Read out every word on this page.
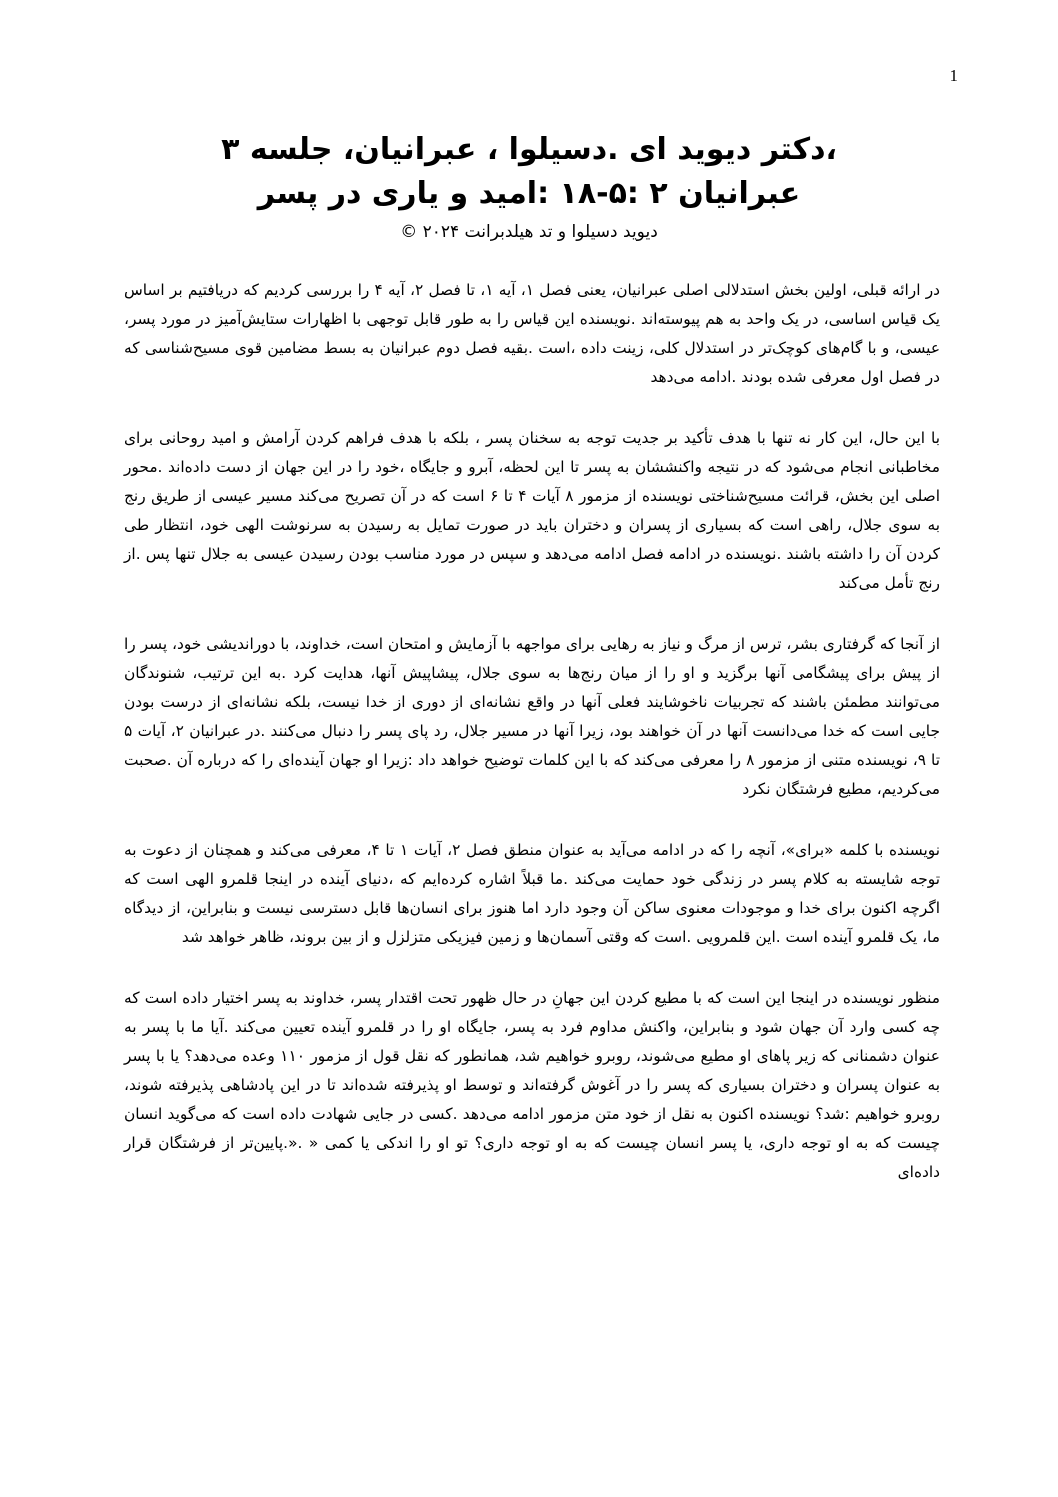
1

،دکتر دیوید ای .دسیلوا ، عبرانیان، جلسه ۳

عبرانیان ۲ :۵-۱۸ :امید و یاری در پسر

دیوید دسیلوا و تد هیلدبرانت ۲۰۲۴ ©

در ارائه قبلی، اولین بخش استدلالی اصلی عبرانیان، یعنی فصل ۱، آیه ۱، تا فصل ۲، آیه ۴ را بررسی کردیم که دریافتیم بر اساس یک قیاس اساسی، در یک واحد به هم پیوسته‌اند .نویسنده این قیاس را به طور قابل توجهی با اظهارات ستایش‌آمیز در مورد پسر، عیسی، و با گام‌های کوچک‌تر در استدلال کلی، زینت داده ،است .بقیه فصل دوم عبرانیان به بسط مضامین قوی مسیح‌شناسی که در فصل اول معرفی شده بودند .ادامه می‌دهد

با این حال، این کار نه تنها با هدف تأکید بر جدیت توجه به سخنان پسر ، بلکه با هدف فراهم کردن آرامش و امید روحانی برای مخاطبانی انجام می‌شود که در نتیجه واکنششان به پسر تا این لحظه، آبرو و جایگاه ،خود را در این جهان از دست داده‌اند .محور اصلی این بخش، قرائت مسیح‌شناختی نویسنده از مزمور ۸ آیات ۴ تا ۶ است که در آن تصریح می‌کند مسیر عیسی از طریق رنج به سوی جلال، راهی است که بسیاری از پسران و دختران باید در صورت تمایل به رسیدن به سرنوشت الهی خود، انتظار طی کردن آن را داشته باشند .نویسنده در ادامه فصل ادامه می‌دهد و سپس در مورد مناسب بودن رسیدن عیسی به جلال تنها پس .از رنج تأمل می‌کند

از آنجا که گرفتاری بشر، ترس از مرگ و نیاز به رهایی برای مواجهه با آزمایش و امتحان است، خداوند، با دوراندیشی خود، پسر را از پیش برای پیشگامی آنها برگزید و او را از میان رنج‌ها به سوی جلال، پیشاپیش آنها، هدایت کرد .به این ترتیب، شنوندگان می‌توانند مطمئن باشند که تجربیات ناخوشایند فعلی آنها در واقع نشانه‌ای از دوری از خدا نیست، بلکه نشانه‌ای از درست بودن جایی است که خدا می‌دانست آنها در آن خواهند بود، زیرا آنها در مسیر جلال، رد پای پسر را دنبال می‌کنند .در عبرانیان ۲، آیات ۵ تا ۹، نویسنده متنی از مزمور ۸ را معرفی می‌کند که با این کلمات توضیح خواهد داد :زیرا او جهان آینده‌ای را که درباره آن .صحبت می‌کردیم، مطیع فرشتگان نکرد

نویسنده با کلمه «برای»، آنچه را که در ادامه می‌آید به عنوان منطق فصل ۲، آیات ۱ تا ۴، معرفی می‌کند و همچنان از دعوت به توجه شایسته به کلام پسر در زندگی خود حمایت می‌کند .ما قبلاً اشاره کرده‌ایم که ،دنیای آینده در اینجا قلمرو الهی است که اگرچه اکنون برای خدا و موجودات معنوی ساکن آن وجود دارد اما هنوز برای انسان‌ها قابل دسترسی نیست و بنابراین، از دیدگاه ما، یک قلمرو آینده است .این قلمرویی .است که وقتی آسمان‌ها و زمین فیزیکی متزلزل و از بین بروند، ظاهر خواهد شد

منظور نویسنده در اینجا این است که با مطیع کردن این جهانِ در حال ظهور تحت اقتدار پسر، خداوند به پسر اختیار داده است که چه کسی وارد آن جهان شود و بنابراین، واکنش مداوم فرد به پسر، جایگاه او را در قلمرو آینده تعیین می‌کند .آیا ما با پسر به عنوان دشمنانی که زیر پاهای او مطیع می‌شوند، روبرو خواهیم شد، همانطور که نقل قول از مزمور ۱۱۰ وعده می‌دهد؟ یا با پسر به عنوان پسران و دختران بسیاری که پسر را در آغوش گرفته‌اند و توسط او پذیرفته شده‌اند تا در این پادشاهی پذیرفته شوند، روبرو خواهیم :شد؟ نویسنده اکنون به نقل از خود متن مزمور ادامه می‌دهد .کسی در جایی شهادت داده است که می‌گوید انسان چیست که به او توجه داری، یا پسر انسان چیست که به او توجه داری؟ تو او را اندکی یا کمی « .«.پایین‌تر از فرشتگان قرار داده‌ای
